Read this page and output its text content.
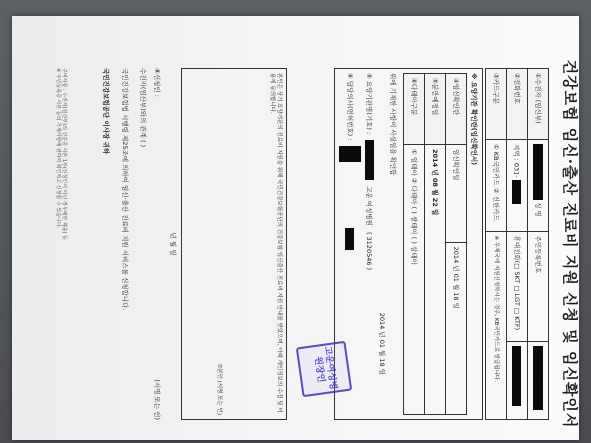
건강보험 임신·출산 진료비 지원 신청 및 임신확인서
①수진자 (임신부)	성 명	주민등록번호	
②전화번호	지역 : 031-	휴대전화(□ SKT □ LGT □ KTF)	
③카드구분	① KB국민카드 ② 신한카드	※ 우체국에 지원신청하시는 경우, KB국민카드로 발급됩니다.	
※ 요양기관 확인란(임신확인서)
④임신확인란	임신확인일	2014 년 01 월 18 일
⑤분만예정일	2014 년 08 월 22 일	
⑥다태아구분	① 일태아 ② 다태아 ( ) 쌍태아 ( ) 삼태아	
위에 기재한 사항이 사실임을 확인함
2014 년 01 월 18 일
⑤ 요양기관명(기호) :
고운 여성병원
( 3120546 )
⑥ 담당의사(면허번호) :
고운여성병원장인
본인은 상기 요양기관의 진료비 지원을 위해 국민건강보험공단의 건강보험 임신출산 진료비 지원 안내를 받았으며, 아래 개인정보의 수집 및 이용에 동의합니다.
⑦본인 (서명 또는 인)
년 월 일
⑧신청인 :
(서명 또는 인)
수진자(임산부)와의 관계 ( )
국민건강보험법 시행령 제25조에 의하여 임신·출산 진료비 지원 서비스를 신청합니다.
국민건강보험공단 이사장 귀하
구비서류 : 수진자(임신부)의 신분증 사본 1부(신청인이 아닌 경우에만 제출) 등
※ 주민등록증 사본 등의 기재사항에 관하여 확인하고 신청할 수 있습니다.
